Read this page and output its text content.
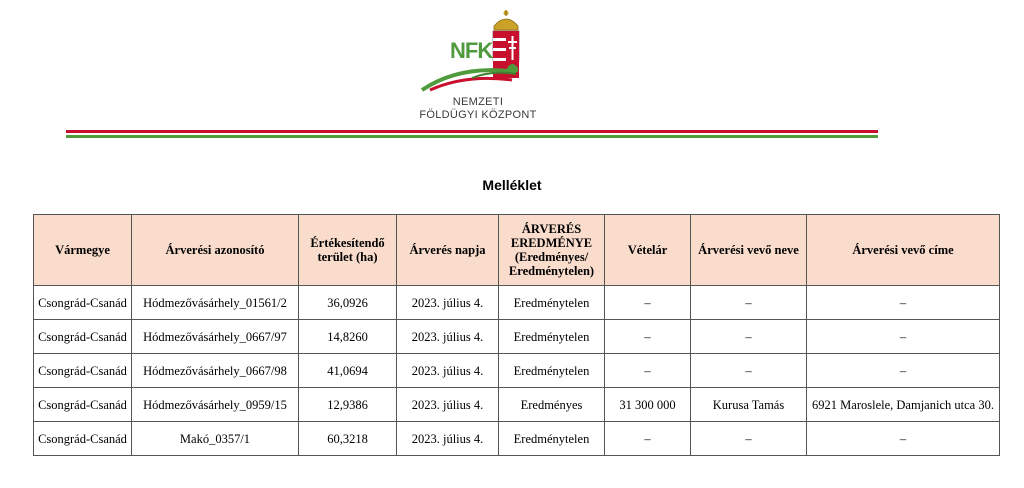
NFK
NEMZETI
FÖLDÜGYI KÖZPONT
Melléklet
Vármegye	Árverési azonosító	Értékesítendő terület (ha)	Árverés napja	ÁRVERÉS EREDMÉNYE (Eredményes/ Eredménytelen)	Vételár	Árverési vevő neve	Árverési vevő címe
Csongrád-Csanád	Hódmezővásárhely_01561/2	36,0926	2023. július 4.	Eredménytelen	–	–	–
Csongrád-Csanád	Hódmezővásárhely_0667/97	14,8260	2023. július 4.	Eredménytelen	–	–	–
Csongrád-Csanád	Hódmezővásárhely_0667/98	41,0694	2023. július 4.	Eredménytelen	–	–	–
Csongrád-Csanád	Hódmezővásárhely_0959/15	12,9386	2023. július 4.	Eredményes	31 300 000	Kurusa Tamás	6921 Maroslele, Damjanich utca 30.
Csongrád-Csanád	Makó_0357/1	60,3218	2023. július 4.	Eredménytelen	–	–	–
